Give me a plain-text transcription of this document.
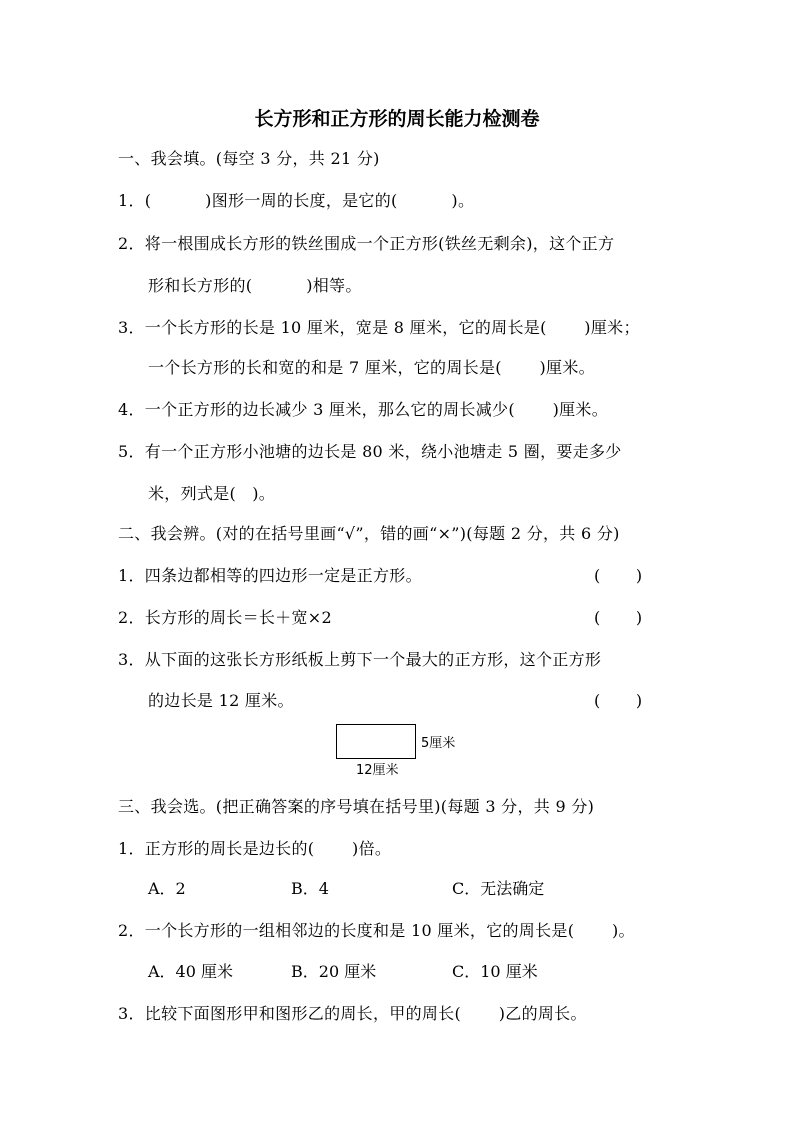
长方形和正方形的周长能力检测卷
一、我会填。(每空 3 分，共 21 分)
1．(          )图形一周的长度，是它的(          )。
2．将一根围成长方形的铁丝围成一个正方形(铁丝无剩余)，这个正方
形和长方形的(          )相等。
3．一个长方形的长是 10 厘米，宽是 8 厘米，它的周长是(       )厘米；
一个长方形的长和宽的和是 7 厘米，它的周长是(       )厘米。
4．一个正方形的边长减少 3 厘米，那么它的周长减少(       )厘米。
5．有一个正方形小池塘的边长是 80 米，绕小池塘走 5 圈，要走多少
米，列式是(   )。
二、我会辨。(对的在括号里画“√”，错的画“×”)(每题 2 分，共 6 分)
1．四条边都相等的四边形一定是正方形。	(       )
2．长方形的周长＝长＋宽×2	(       )
3．从下面的这张长方形纸板上剪下一个最大的正方形，这个正方形
的边长是 12 厘米。	(       )
5厘米
12厘米
三、我会选。(把正确答案的序号填在括号里)(每题 3 分，共 9 分)
1．正方形的周长是边长的(       )倍。
A．2	B．4	C．无法确定
2．一个长方形的一组相邻边的长度和是 10 厘米，它的周长是(       )。
A．40 厘米	B．20 厘米	C．10 厘米
3．比较下面图形甲和图形乙的周长，甲的周长(       )乙的周长。
